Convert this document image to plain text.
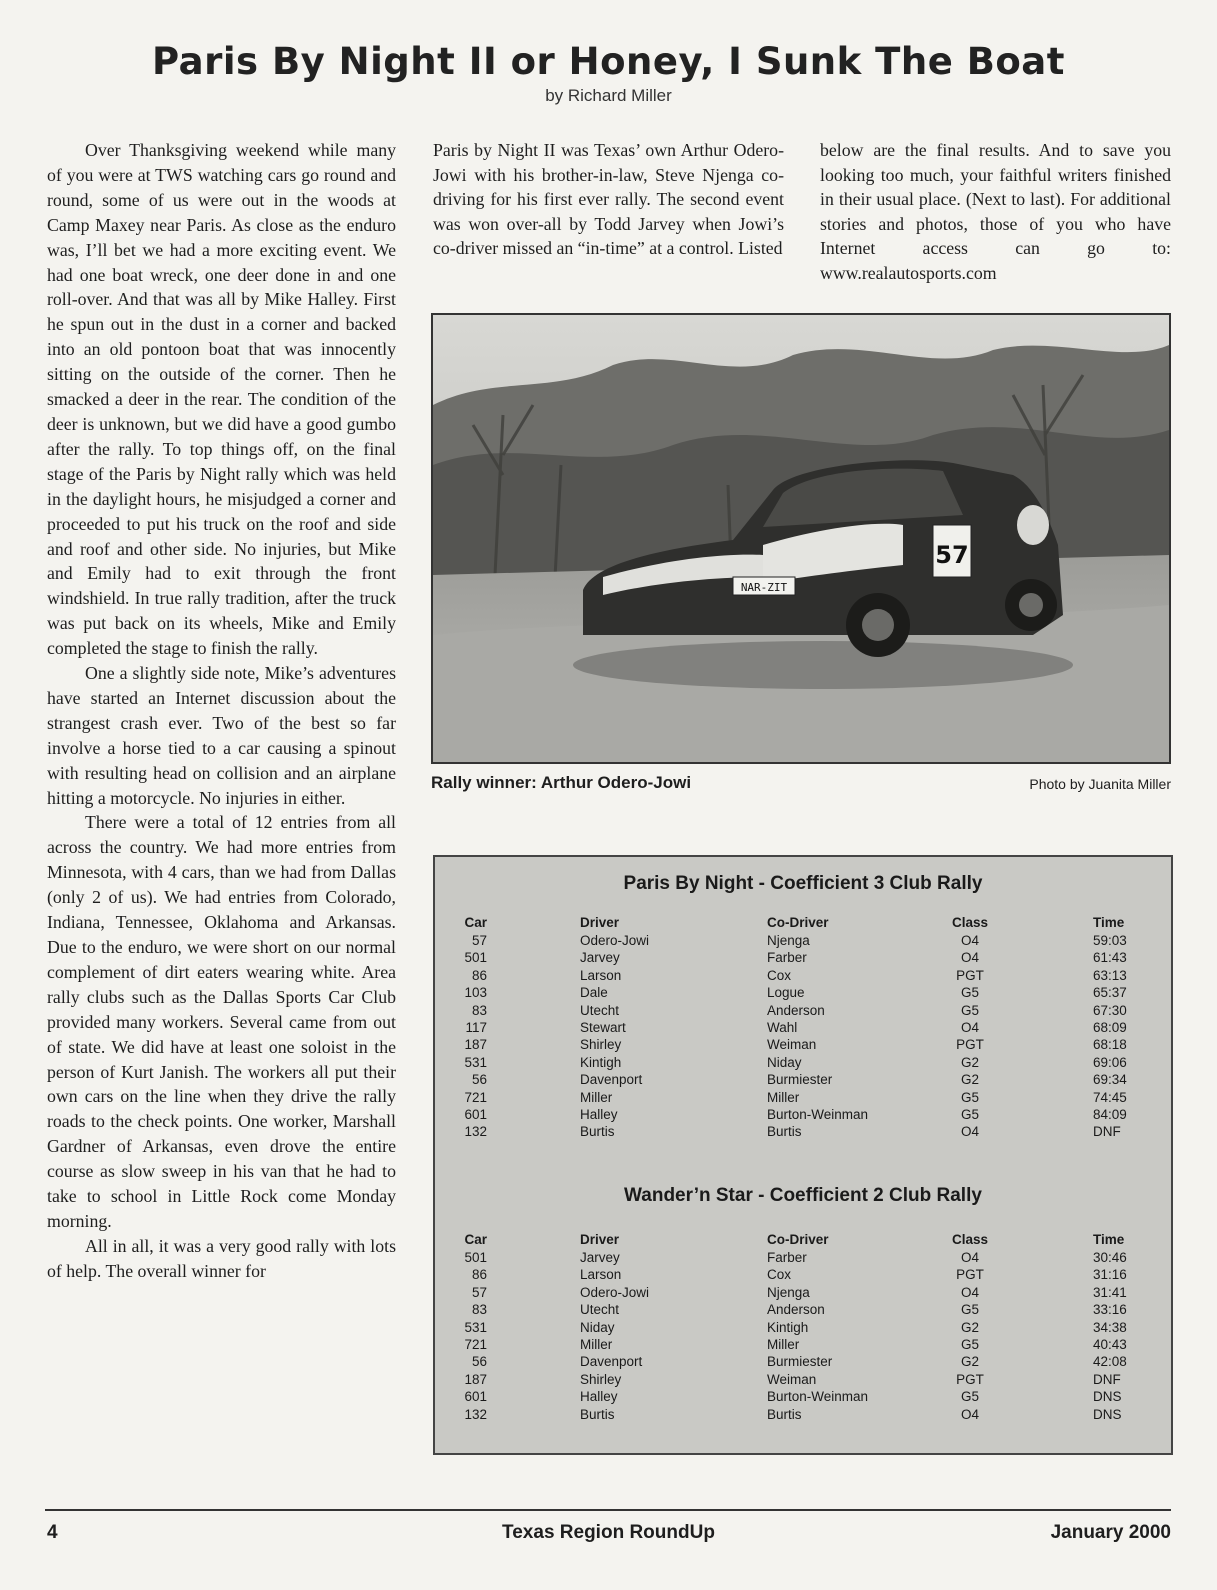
Paris By Night II or Honey, I Sunk The Boat
by Richard Miller

Over Thanksgiving weekend while many of you were at TWS watching cars go round and round, some of us were out in the woods at Camp Maxey near Paris. As close as the enduro was, I’ll bet we had a more exciting event. We had one boat wreck, one deer done in and one roll-over. And that was all by Mike Halley. First he spun out in the dust in a corner and backed into an old pontoon boat that was innocently sitting on the outside of the corner. Then he smacked a deer in the rear. The condition of the deer is unknown, but we did have a good gumbo after the rally. To top things off, on the final stage of the Paris by Night rally which was held in the daylight hours, he misjudged a corner and proceeded to put his truck on the roof and side and roof and other side. No injuries, but Mike and Emily had to exit through the front windshield. In true rally tradition, after the truck was put back on its wheels, Mike and Emily completed the stage to finish the rally.

One a slightly side note, Mike’s adventures have started an Internet discussion about the strangest crash ever. Two of the best so far involve a horse tied to a car causing a spinout with resulting head on collision and an airplane hitting a motorcycle. No injuries in either.

There were a total of 12 entries from all across the country. We had more entries from Minnesota, with 4 cars, than we had from Dallas (only 2 of us). We had entries from Colorado, Indiana, Tennessee, Oklahoma and Arkansas. Due to the enduro, we were short on our normal complement of dirt eaters wearing white. Area rally clubs such as the Dallas Sports Car Club provided many workers. Several came from out of state. We did have at least one soloist in the person of Kurt Janish. The workers all put their own cars on the line when they drive the rally roads to the check points. One worker, Marshall Gardner of Arkansas, even drove the entire course as slow sweep in his van that he had to take to school in Little Rock come Monday morning.

All in all, it was a very good rally with lots of help. The overall winner for

Paris by Night II was Texas’ own Arthur Odero-Jowi with his brother-in-law, Steve Njenga co-driving for his first ever rally. The second event was won over-all by Todd Jarvey when Jowi’s co-driver missed an “in-time” at a control. Listed

below are the final results. And to save you looking too much, your faithful writers finished in their usual place. (Next to last). For additional stories and photos, those of you who have Internet access can go to: www.realautosports.com

NAR-ZIT
57
Rally winner: Arthur Odero-Jowi	Photo by Juanita Miller
Paris By Night - Coefficient 3 Club Rally
Car	Driver	Co-Driver	Class	Time
57	Odero-Jowi	Njenga	O4	59:03
501	Jarvey	Farber	O4	61:43
86	Larson	Cox	PGT	63:13
103	Dale	Logue	G5	65:37
83	Utecht	Anderson	G5	67:30
117	Stewart	Wahl	O4	68:09
187	Shirley	Weiman	PGT	68:18
531	Kintigh	Niday	G2	69:06
56	Davenport	Burmiester	G2	69:34
721	Miller	Miller	G5	74:45
601	Halley	Burton-Weinman	G5	84:09
132	Burtis	Burtis	O4	DNF
Wander’n Star - Coefficient 2 Club Rally
Car	Driver	Co-Driver	Class	Time
501	Jarvey	Farber	O4	30:46
86	Larson	Cox	PGT	31:16
57	Odero-Jowi	Njenga	O4	31:41
83	Utecht	Anderson	G5	33:16
531	Niday	Kintigh	G2	34:38
721	Miller	Miller	G5	40:43
56	Davenport	Burmiester	G2	42:08
187	Shirley	Weiman	PGT	DNF
601	Halley	Burton-Weinman	G5	DNS
132	Burtis	Burtis	O4	DNS
4	Texas Region RoundUp	January 2000
